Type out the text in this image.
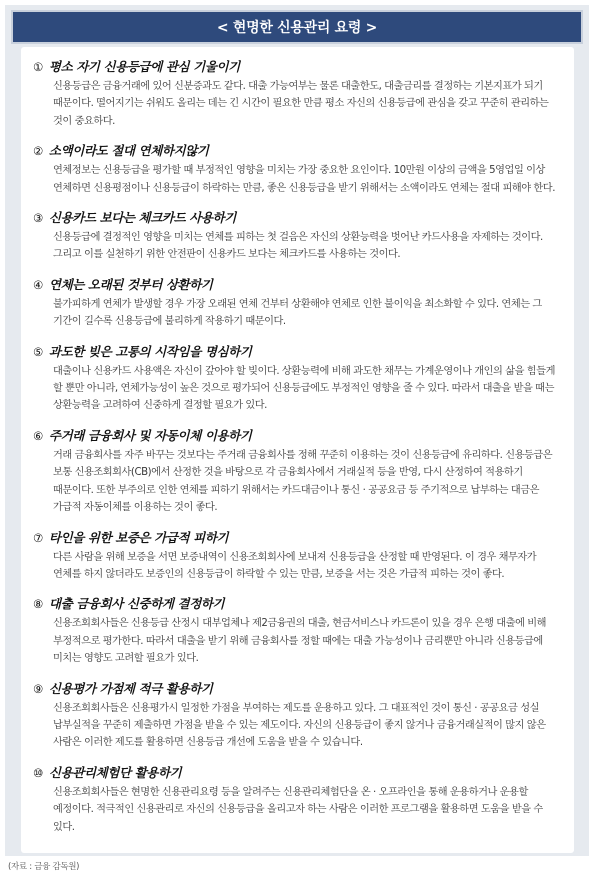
< 현명한 신용관리 요령 >
① 평소 자기 신용등급에 관심 기울이기
신용등급은 금융거래에 있어 신분증과도 같다. 대출 가능여부는 물론 대출한도, 대출금리를 결정하는 기본지표가 되기 때문이다. 떨어지기는 쉬워도 올리는 데는 긴 시간이 필요한 만큼 평소 자신의 신용등급에 관심을 갖고 꾸준히 관리하는 것이 중요하다.
② 소액이라도 절대 연체하지않기
연체정보는 신용등급을 평가할 때 부정적인 영향을 미치는 가장 중요한 요인이다. 10만원 이상의 금액을 5영업일 이상 연체하면 신용평점이나 신용등급이 하락하는 만큼, 좋은 신용등급을 받기 위해서는 소액이라도 연체는 절대 피해야 한다.
③ 신용카드 보다는 체크카드 사용하기
신용등급에 결정적인 영향을 미치는 연체를 피하는 첫 걸음은 자신의 상환능력을 벗어난 카드사용을 자제하는 것이다. 그리고 이를 실천하기 위한 안전판이 신용카드 보다는 체크카드를 사용하는 것이다.
④ 연체는 오래된 것부터 상환하기
불가피하게 연체가 발생할 경우 가장 오래된 연체 건부터 상환해야 연체로 인한 불이익을 최소화할 수 있다. 연체는 그 기간이 길수록 신용등급에 불리하게 작용하기 때문이다.
⑤ 과도한 빚은 고통의 시작임을 명심하기
대출이나 신용카드 사용액은 자신이 갚아야 할 빚이다. 상환능력에 비해 과도한 채무는 가계운영이나 개인의 삶을 힘들게 할 뿐만 아니라, 연체가능성이 높은 것으로 평가되어 신용등급에도 부정적인 영향을 줄 수 있다. 따라서 대출을 받을 때는 상환능력을 고려하여 신중하게 결정할 필요가 있다.
⑥ 주거래 금융회사 및 자동이체 이용하기
거래 금융회사를 자주 바꾸는 것보다는 주거래 금융회사를 정해 꾸준히 이용하는 것이 신용등급에 유리하다. 신용등급은 보통 신용조회회사(CB)에서 산정한 것을 바탕으로 각 금융회사에서 거래실적 등을 반영, 다시 산정하여 적용하기 때문이다. 또한 부주의로 인한 연체를 피하기 위해서는 카드대금이나 통신 · 공공요금 등 주기적으로 납부하는 대금은 가급적 자동이체를 이용하는 것이 좋다.
⑦ 타인을 위한 보증은 가급적 피하기
다른 사람을 위해 보증을 서면 보증내역이 신용조회회사에 보내져 신용등급을 산정할 때 반영된다. 이 경우 채무자가 연체를 하지 않더라도 보증인의 신용등급이 하락할 수 있는 만큼, 보증을 서는 것은 가급적 피하는 것이 좋다.
⑧ 대출 금융회사 신중하게 결정하기
신용조회회사들은 신용등급 산정시 대부업체나 제2금융권의 대출, 현금서비스나 카드론이 있을 경우 은행 대출에 비해 부정적으로 평가한다. 따라서 대출을 받기 위해 금융회사를 정할 때에는 대출 가능성이나 금리뿐만 아니라 신용등급에 미치는 영향도 고려할 필요가 있다.
⑨ 신용평가 가점제 적극 활용하기
신용조회회사들은 신용평가시 일정한 가점을 부여하는 제도를 운용하고 있다. 그 대표적인 것이 통신 · 공공요금 성실 납부실적을 꾸준히 제출하면 가점을 받을 수 있는 제도이다. 자신의 신용등급이 좋지 않거나 금융거래실적이 많지 않은 사람은 이러한 제도를 활용하면 신용등급 개선에 도움을 받을 수 있습니다.
⑩ 신용관리체험단 활용하기
신용조회회사들은 현명한 신용관리요령 등을 알려주는 신용관리체험단을 온 · 오프라인을 통해 운용하거나 운용할 예정이다. 적극적인 신용관리로 자신의 신용등급을 올리고자 하는 사람은 이러한 프로그램을 활용하면 도움을 받을 수 있다.
(자료 : 금융 감독원)
